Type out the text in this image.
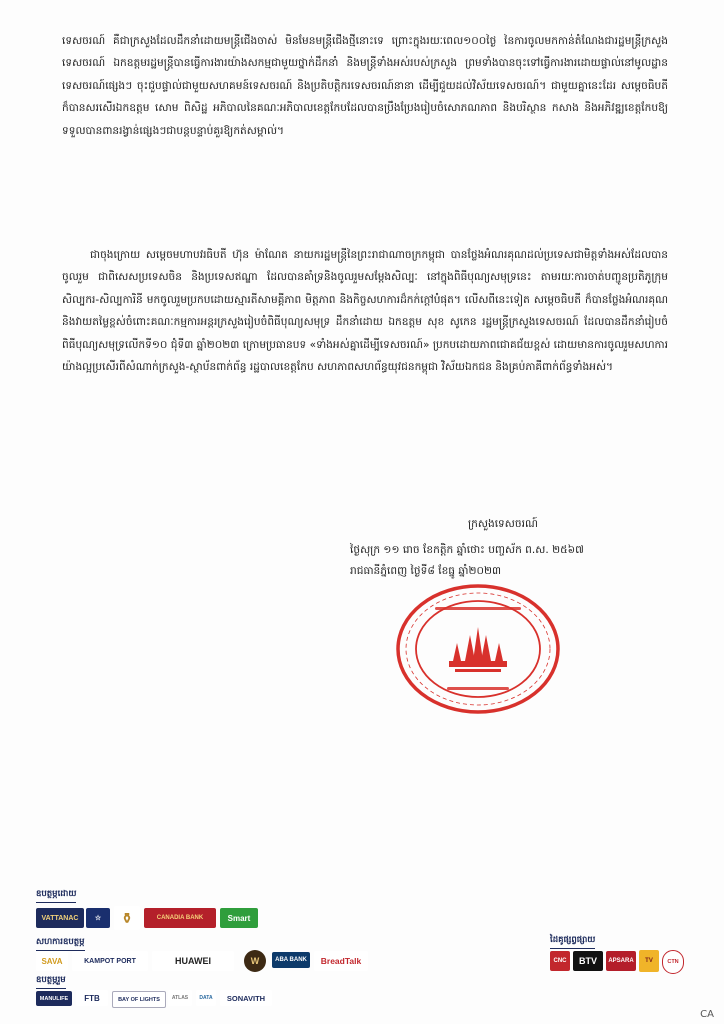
ទេសចរណ៍ គឺជាក្រសួងដែលដឹកនាំដោយមន្ត្រីជើងចាស់ មិនមែនមន្ត្រីជើងថ្មីនោះទេ ព្រោះក្នុងរយៈពេល១០០ថ្ងៃ នៃការចូលមកកាន់តំណែងជារដ្ឋមន្ត្រីក្រសួងទេសចរណ៍ ឯកឧត្តមរដ្ឋមន្ត្រីបានធ្វើការងារយ៉ាងសកម្មជាមួយថ្នាក់ដឹកនាំ និងមន្ត្រីទាំងអស់របស់ក្រសួង ព្រមទាំងបានចុះទៅធ្វើការងារដោយផ្ទាល់នៅមូលដ្ឋានទេសចរណ៍ផ្សេងៗ ចុះជួបផ្ទាល់ជាមួយសហគមន៍ទេសចរណ៍ និងប្រតិបត្តិករទេសចរណ៍នានា ដើម្បីជួយដល់វិស័យទេសចរណ៍។ ជាមួយគ្នានេះដែរ សម្តេចធិបតី ក៏បានសរសើរឯកឧត្តម សោម ពិសិដ្ឋ អភិបាលនៃគណៈអភិបាលខេត្តកែបដែលបានប្រឹងប្រែងរៀបចំសោភណភាព និងបរិស្ថាន កសាង និងអភិវឌ្ឍខេត្តកែបឱ្យទទួលបានពានរង្វាន់ផ្សេងៗជាបន្តបន្ទាប់គួរឱ្យកត់សម្គាល់។
ជាចុងក្រោយ សម្តេចមហាបវរធិបតី ហ៊ុន ម៉ាណែត នាយករដ្ឋមន្ត្រីនៃព្រះរាជាណាចក្រកម្ពុជា បានថ្លែងអំណរគុណដល់ប្រទេសជាមិត្តទាំងអស់ដែលបានចូលរួម ជាពិសេសប្រទេសចិន និងប្រទេសឥណ្ឌា ដែលបានគាំទ្រនិងចូលរួមសម្តែងសិល្បៈ នៅក្នុងពិធីបុណ្យសមុទ្រនេះ តាមរយៈការចាត់បញ្ជូនប្រតិភូក្រុមសិល្បករ-សិល្បការិនី មកចូលរួមប្រកបដោយស្មារតីសាមគ្គីភាព មិត្តភាព និងកិច្ចសហការដ៏កក់ក្តៅបំផុត។ លើសពីនេះទៀត សម្តេចធិបតី ក៏បានថ្លែងអំណរគុណ និងវាយតម្លៃខ្ពស់ចំពោះគណៈកម្មការអន្តរក្រសួងរៀបចំពិធីបុណ្យសមុទ្រ ដឹកនាំដោយ ឯកឧត្តម សុខ សូកេន រដ្ឋមន្ត្រីក្រសួងទេសចរណ៍ ដែលបានដឹកនាំរៀបចំពិធីបុណ្យសមុទ្រលើកទី១០ ជុំទី៣ ឆ្នាំ២០២៣ ក្រោមប្រធានបទ «ទាំងអស់គ្នាដើម្បីទេសចរណ៍» ប្រកបដោយភាពជោគជ័យខ្ពស់ ដោយមានការចូលរួមសហការយ៉ាងល្អប្រសើរពីសំណាក់ក្រសួង-ស្ថាប័នពាក់ព័ន្ធ រដ្ឋបាលខេត្តកែប សហភាពសហព័ន្ធយុវជនកម្ពុជា វិស័យឯកជន និងគ្រប់ភាគីពាក់ព័ន្ធទាំងអស់។
ក្រសួងទេសចរណ៍
ថ្ងៃសុក្រ ១១ រោច ខែកត្តិក ឆ្នាំថោះ បញ្ចស័ក ព.ស. ២៥៦៧
រាជធានីភ្នំពេញ ថ្ងៃទី៨ ខែធ្នូ ឆ្នាំ២០២៣
ឧបត្ថម្ភដោយ
VATTANAC	☆	⚱	CANADIA BANK	Smart
សហការឧបត្ថម្ភ
SAVA	KAMPOT PORT	HUAWEI	W	ABA BANK	BreadTalk
ឧបត្ថម្ភរួម
MANULIFE	FTB	BAY OF LIGHTS	ATLAS	DATA	SONAVITH
ដៃគូផ្សព្វផ្សាយ
CNC	BTV	APSARA	TV	CTN
CA
